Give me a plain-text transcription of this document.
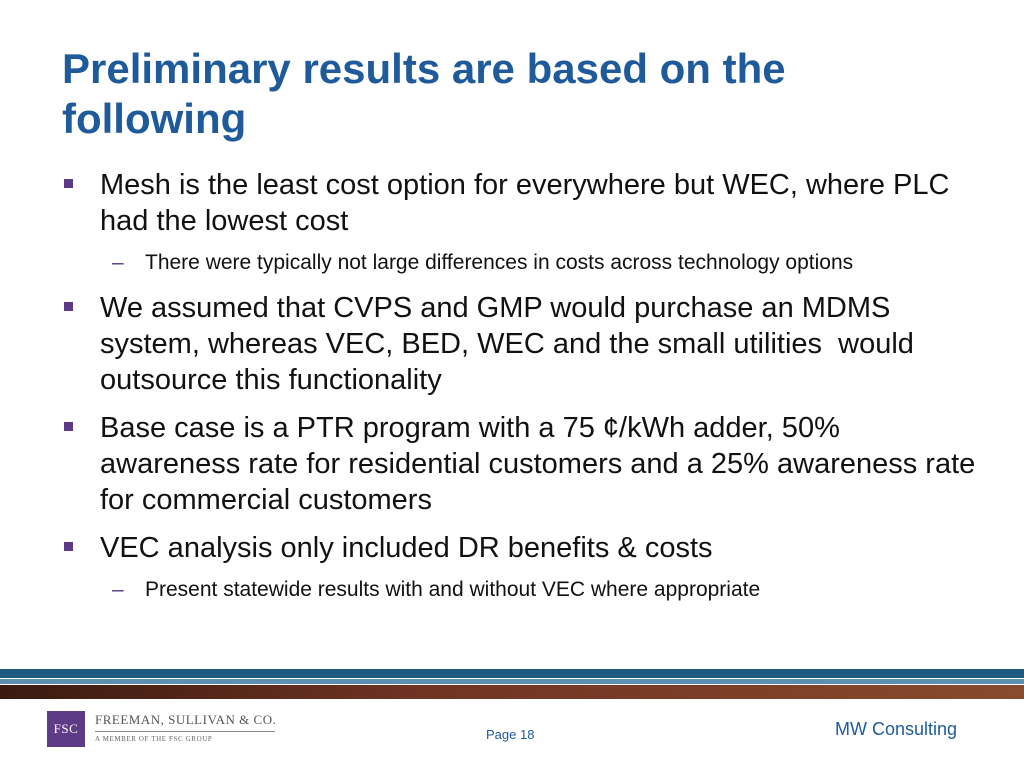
Preliminary results are based on the following
Mesh is the least cost option for everywhere but WEC, where PLC had the lowest cost
– There were typically not large differences in costs across technology options
We assumed that CVPS and GMP would purchase an MDMS system, whereas VEC, BED, WEC and the small utilities  would outsource this functionality
Base case is a PTR program with a 75 ¢/kWh adder, 50% awareness rate for residential customers and a 25% awareness rate for commercial customers
VEC analysis only included DR benefits & costs
– Present statewide results with and without VEC where appropriate
FSC
FREEMAN, SULLIVAN & CO.
A MEMBER OF THE FSC GROUP	Page 18	MW Consulting
